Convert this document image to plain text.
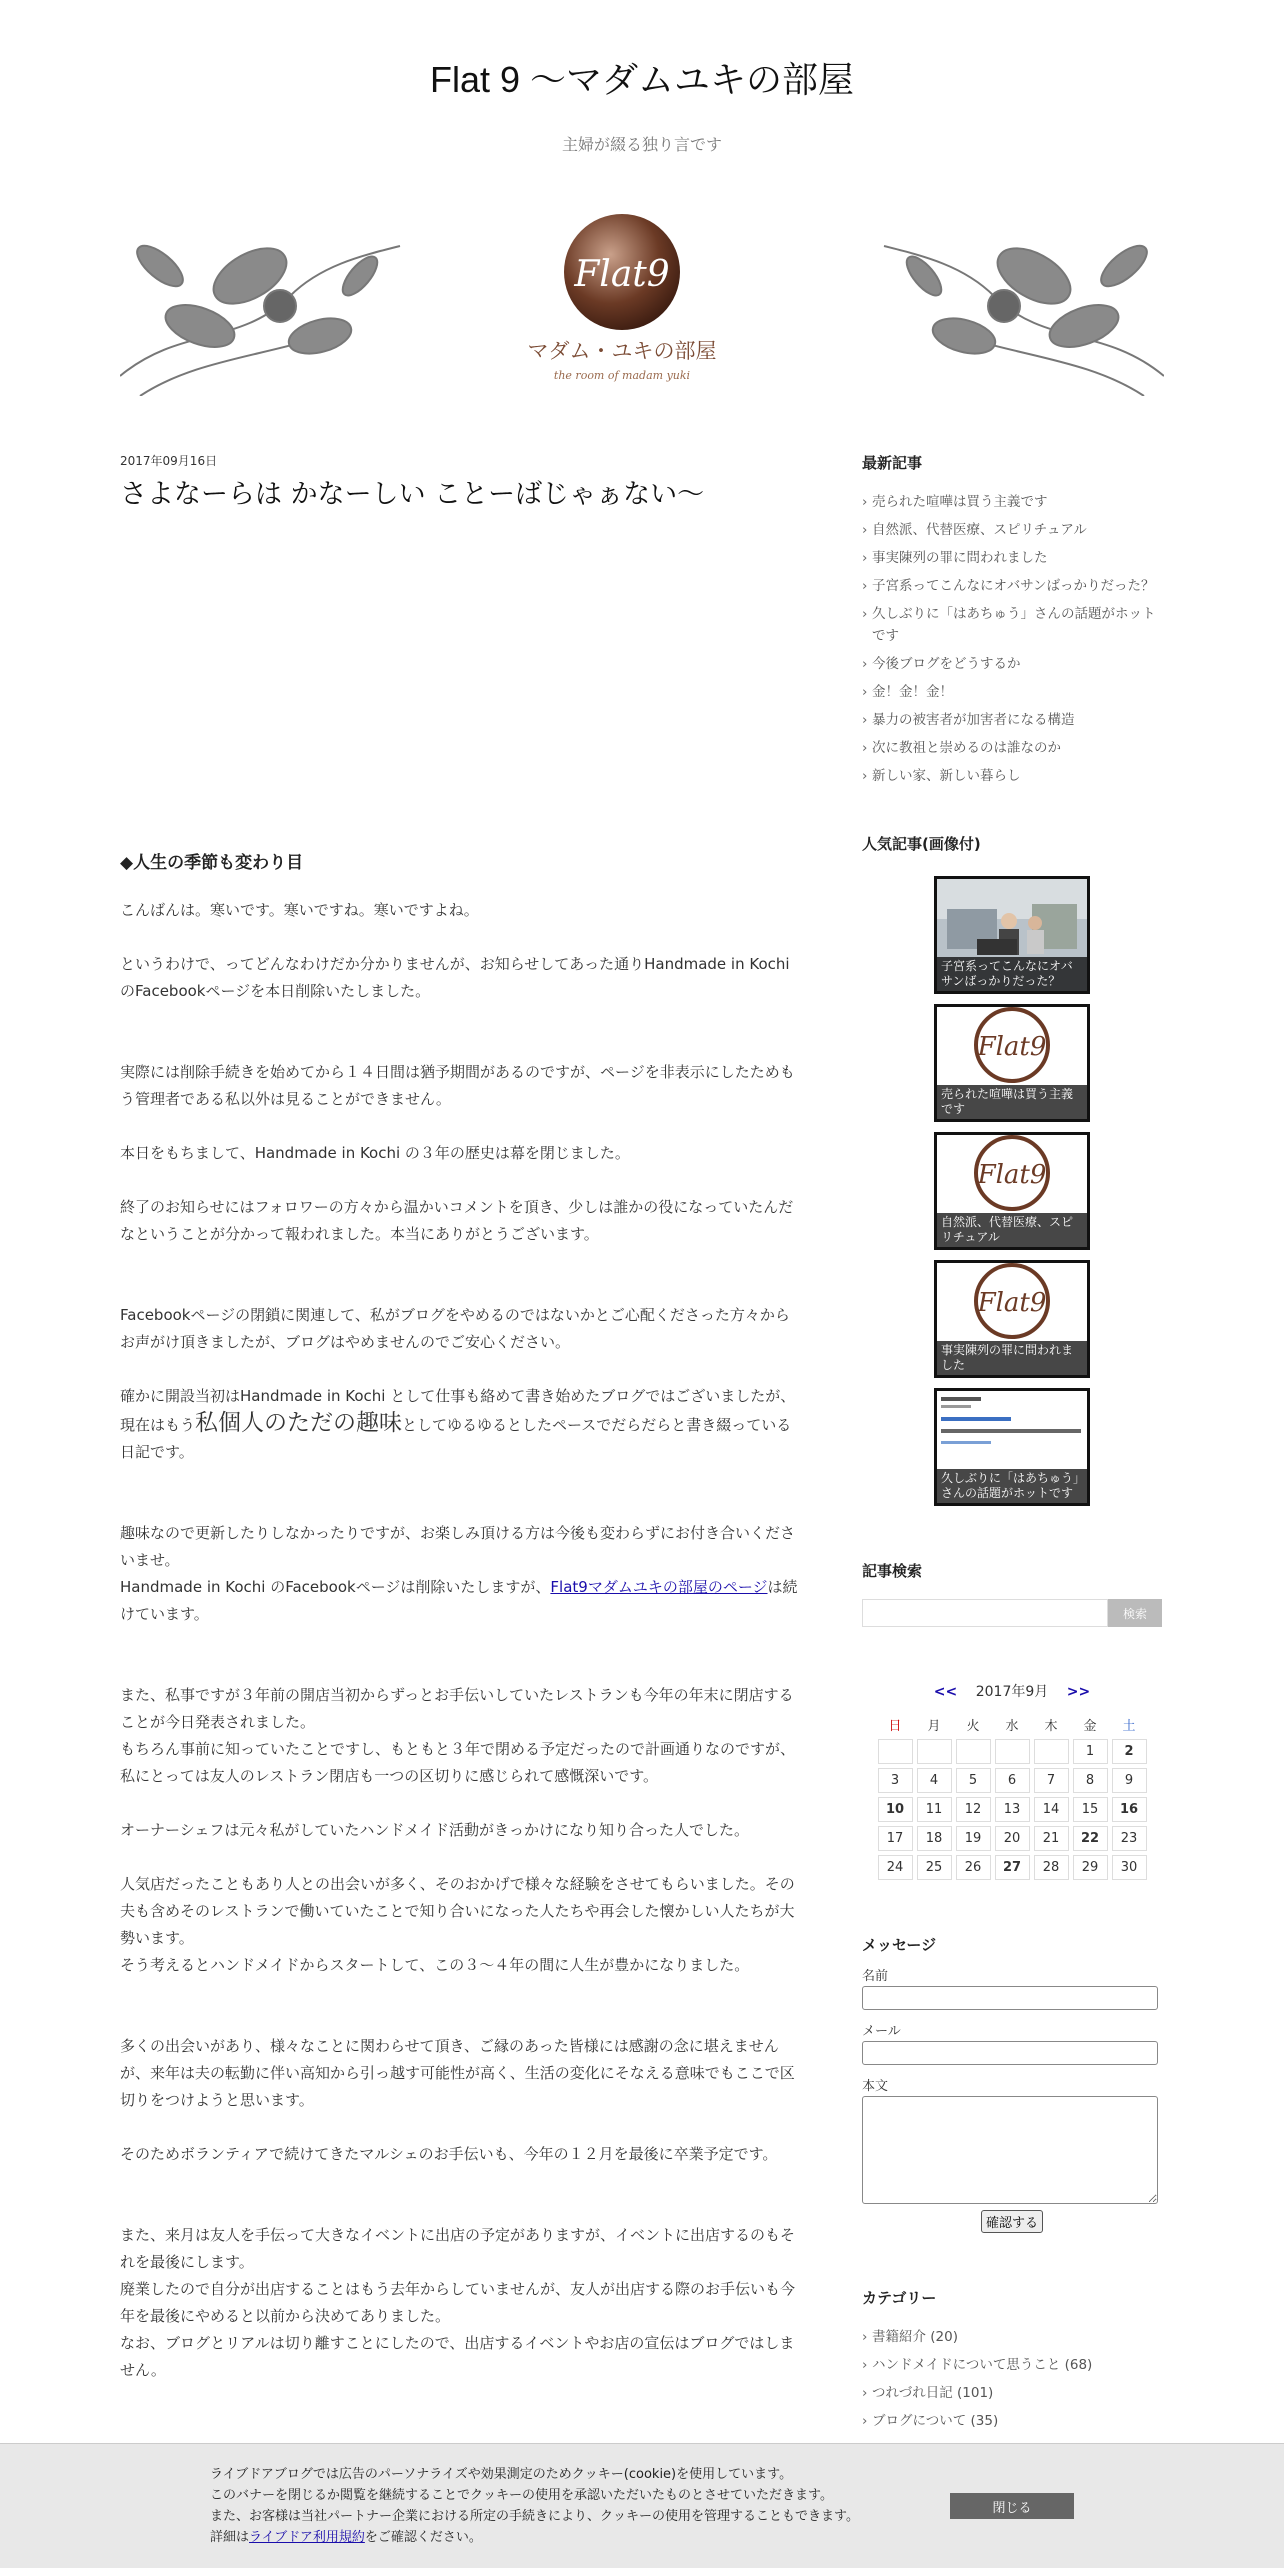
Flat 9 〜マダムユキの部屋
主婦が綴る独り言です
Flat9
マダム・ユキの部屋
the room of madam yuki
2017年09月16日
さよなーらは かなーしい ことーばじゃぁない〜
◆人生の季節も変わり目

こんばんは。寒いです。寒いですね。寒いですよね。

というわけで、ってどんなわけだか分かりませんが、お知らせしてあった通りHandmade in Kochi のFacebookページを本日削除いたしました。

実際には削除手続きを始めてから１４日間は猶予期間があるのですが、ページを非表示にしたためもう管理者である私以外は見ることができません。

本日をもちまして、Handmade in Kochi の３年の歴史は幕を閉じました。

終了のお知らせにはフォロワーの方々から温かいコメントを頂き、少しは誰かの役になっていたんだなということが分かって報われました。本当にありがとうございます。

Facebookページの閉鎖に関連して、私がブログをやめるのではないかとご心配くださった方々からお声がけ頂きましたが、ブログはやめませんのでご安心ください。

確かに開設当初はHandmade in Kochi として仕事も絡めて書き始めたブログではございましたが、現在はもう私個人のただの趣味としてゆるゆるとしたペースでだらだらと書き綴っている日記です。

趣味なので更新したりしなかったりですが、お楽しみ頂ける方は今後も変わらずにお付き合いくださいませ。

Handmade in Kochi のFacebookページは削除いたしますが、Flat9マダムユキの部屋のページは続けています。

また、私事ですが３年前の開店当初からずっとお手伝いしていたレストランも今年の年末に閉店することが今日発表されました。

もちろん事前に知っていたことですし、もともと３年で閉める予定だったので計画通りなのですが、私にとっては友人のレストラン閉店も一つの区切りに感じられて感慨深いです。

オーナーシェフは元々私がしていたハンドメイド活動がきっかけになり知り合った人でした。

人気店だったこともあり人との出会いが多く、そのおかげで様々な経験をさせてもらいました。その夫も含めそのレストランで働いていたことで知り合いになった人たちや再会した懐かしい人たちが大勢います。

そう考えるとハンドメイドからスタートして、この３〜４年の間に人生が豊かになりました。

多くの出会いがあり、様々なことに関わらせて頂き、ご縁のあった皆様には感謝の念に堪えませんが、来年は夫の転勤に伴い高知から引っ越す可能性が高く、生活の変化にそなえる意味でもここで区切りをつけようと思います。

そのためボランティアで続けてきたマルシェのお手伝いも、今年の１２月を最後に卒業予定です。

また、来月は友人を手伝って大きなイベントに出店の予定がありますが、イベントに出店するのもそれを最後にします。

廃業したので自分が出店することはもう去年からしていませんが、友人が出店する際のお手伝いも今年を最後にやめると以前から決めてありました。

なお、ブログとリアルは切り離すことにしたので、出店するイベントやお店の宣伝はブログではしません。

最新記事
› 売られた喧嘩は買う主義です
› 自然派、代替医療、スピリチュアル
› 事実陳列の罪に問われました
› 子宮系ってこんなにオバサンばっかりだった？
› 久しぶりに「はあちゅう」さんの話題がホットです
› 今後ブログをどうするか
› 金！金！金！
› 暴力の被害者が加害者になる構造
› 次に教祖と崇めるのは誰なのか
› 新しい家、新しい暮らし
人気記事(画像付)
子宮系ってこんなにオバサンばっかりだった？
Flat9
売られた喧嘩は買う主義です
Flat9
自然派、代替医療、スピリチュアル
Flat9
事実陳列の罪に問われました
久しぶりに「はあちゅう」さんの話題がホットです
記事検索
検索
<< 2017年9月 >>
日	月	火	水	木	金	土
					1	2
3	4	5	6	7	8	9
10	11	12	13	14	15	16
17	18	19	20	21	22	23
24	25	26	27	28	29	30
メッセージ
名前
メール
本文
確認する
カテゴリー
› 書籍紹介 (20)
› ハンドメイドについて思うこと (68)
› つれづれ日記 (101)
› ブログについて (35)
ライブドアブログでは広告のパーソナライズや効果測定のためクッキー(cookie)を使用しています。
このバナーを閉じるか閲覧を継続することでクッキーの使用を承認いただいたものとさせていただきます。
また、お客様は当社パートナー企業における所定の手続きにより、クッキーの使用を管理することもできます。
詳細はライブドア利用規約をご確認ください。
閉じる
